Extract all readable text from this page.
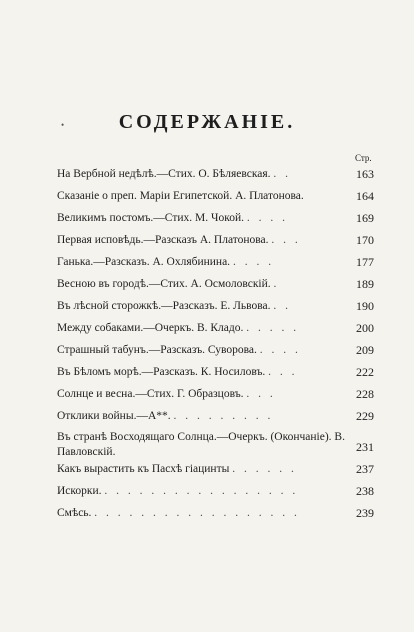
•	СОДЕРЖАНІЕ.
Стр.
На Вербной недѣлѣ.—Стих. О. Бѣляевская. . .	163
Сказаніе о преп. Маріи Египетской. А. Платонова.	164
Великимъ постомъ.—Стих. М. Чокой. . . . .	169
Первая исповѣдь.—Разсказъ А. Платонова. . . .	170
Ганька.—Разсказъ. А. Охлябинина. . . . .	177
Весною въ городѣ.—Стих. А. Осмоловскій. .	189
Въ лѣсной сторожкѣ.—Разсказъ. Е. Львова. . .	190
Между собаками.—Очеркъ. В. Кладо. . . . . .	200
Страшный табунъ.—Разсказъ. Суворова. . . . .	209
Въ Бѣломъ морѣ.—Разсказъ. К. Носиловъ. . . .	222
Солнце и весна.—Стих. Г. Образцовъ. . . .	228
Отклики войны.—А**. . . . . . . . . .	229
Въ странѣ Восходящаго Солнца.—Очеркъ. (Окончаніе). В. Павловскій.	231
Какъ вырастить къ Пасхѣ гіацинты . . . . . .	237
Искорки. . . . . . . . . . . . . . . . . .	238
Смѣсь. . . . . . . . . . . . . . . . . . .	239
